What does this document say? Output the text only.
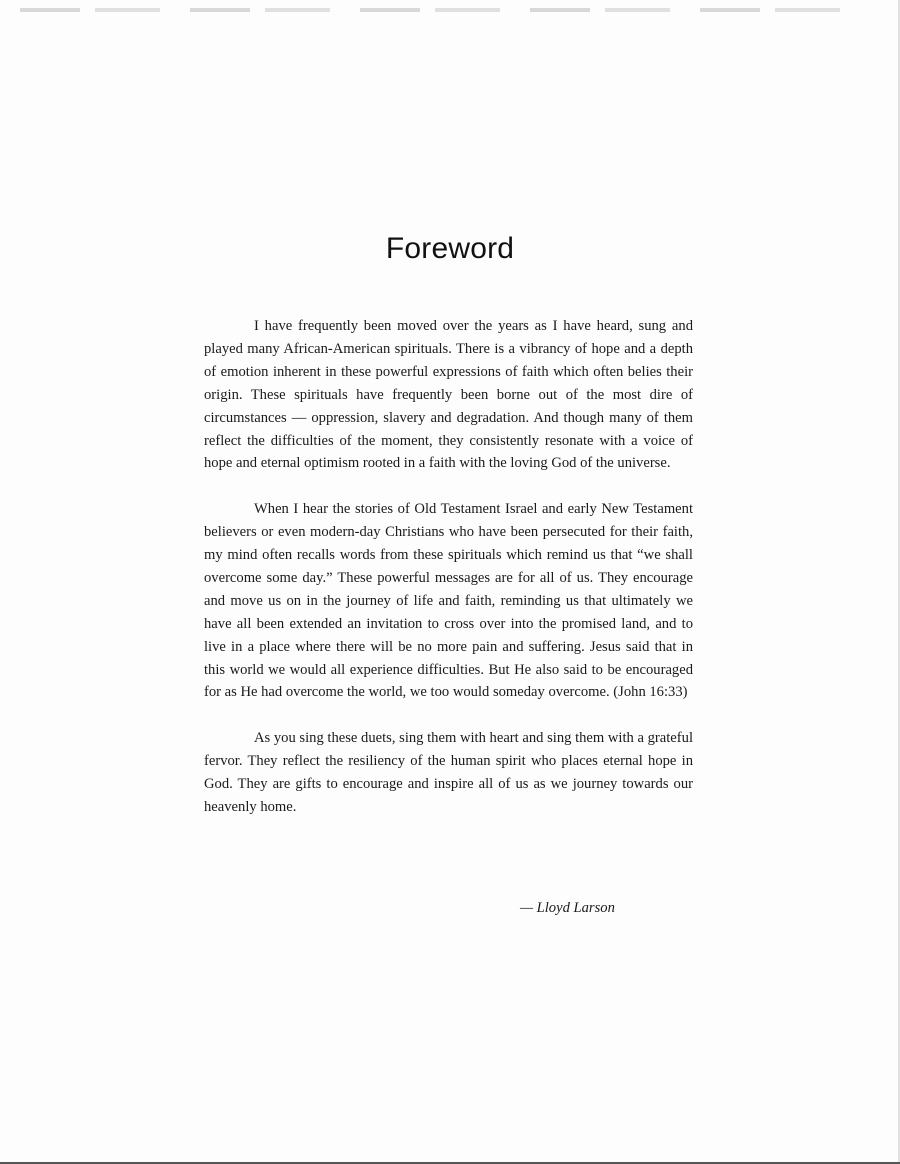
Foreword

I have frequently been moved over the years as I have heard, sung and played many African-American spirituals. There is a vibrancy of hope and a depth of emotion inherent in these powerful expressions of faith which often belies their origin. These spirituals have frequently been borne out of the most dire of circumstances — oppression, slavery and degradation. And though many of them reflect the difficulties of the moment, they consistently resonate with a voice of hope and eternal optimism rooted in a faith with the loving God of the universe.

When I hear the stories of Old Testament Israel and early New Testament believers or even modern-day Christians who have been persecuted for their faith, my mind often recalls words from these spirituals which remind us that “we shall overcome some day.” These powerful messages are for all of us. They encourage and move us on in the journey of life and faith, reminding us that ultimately we have all been extended an invitation to cross over into the promised land, and to live in a place where there will be no more pain and suffering. Jesus said that in this world we would all experience difficulties. But He also said to be encouraged for as He had overcome the world, we too would someday overcome. (John 16:33)

As you sing these duets, sing them with heart and sing them with a grateful fervor. They reflect the resiliency of the human spirit who places eternal hope in God. They are gifts to encourage and inspire all of us as we journey towards our heavenly home.

— Lloyd Larson
